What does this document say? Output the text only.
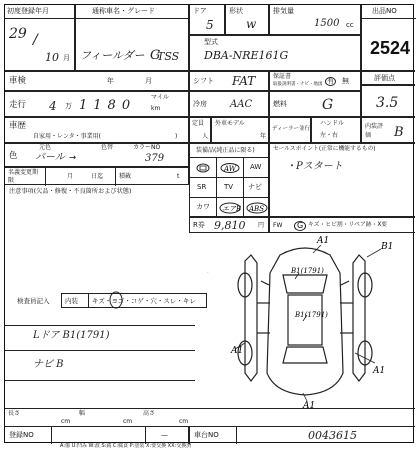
初度登録年月
29 /
10 月
通称車名・グレード
フィールダー G
ドア
5
形状
w
排気量
1500 cc
出品NO
2524
TSS
型式
DBA-NRE161G
車検	年	月	シフト FAT	保証書
取扱説明書・ナビ・地図 有 無	評価点
走行 4 万 1180
マイル
km
冷房 AAC	燃料	G	3.5
車歴
自家用・レンタ・事業用(	)
定員
人
外車モデル
年
ディーラー並行
ハンドル
左・右
内装評価	B
色
元色
パール →
色替	カラーNO
379
装備品(純正品に限る)
AW AW
SR	TV ナビ
カワ エアB ABS
セールスポイント(正常に機能するもの)
・Pスタート
名義変更期限
月	日迄	積載	t
注意事項(欠品・修復・不良箇所および状態)
R券 9,810 円 FW	G キズ・ヒビ割・リペア跡・X要
検査員記入 内装 キズ・ヨゴ・コゲ・穴・スレ・キレ
Lドア B1(1791)
ナビ B
A1
B1
B1(1791)
A1
B1(1791)
A1
A1
A1
長さ
cm
幅
cm
高さ
cm
登録NO	—	車台NO	0043615
A:傷 U:凹み W:波 S:錆 C:腐食 P:塗装 X:要交換 XX:交換済
